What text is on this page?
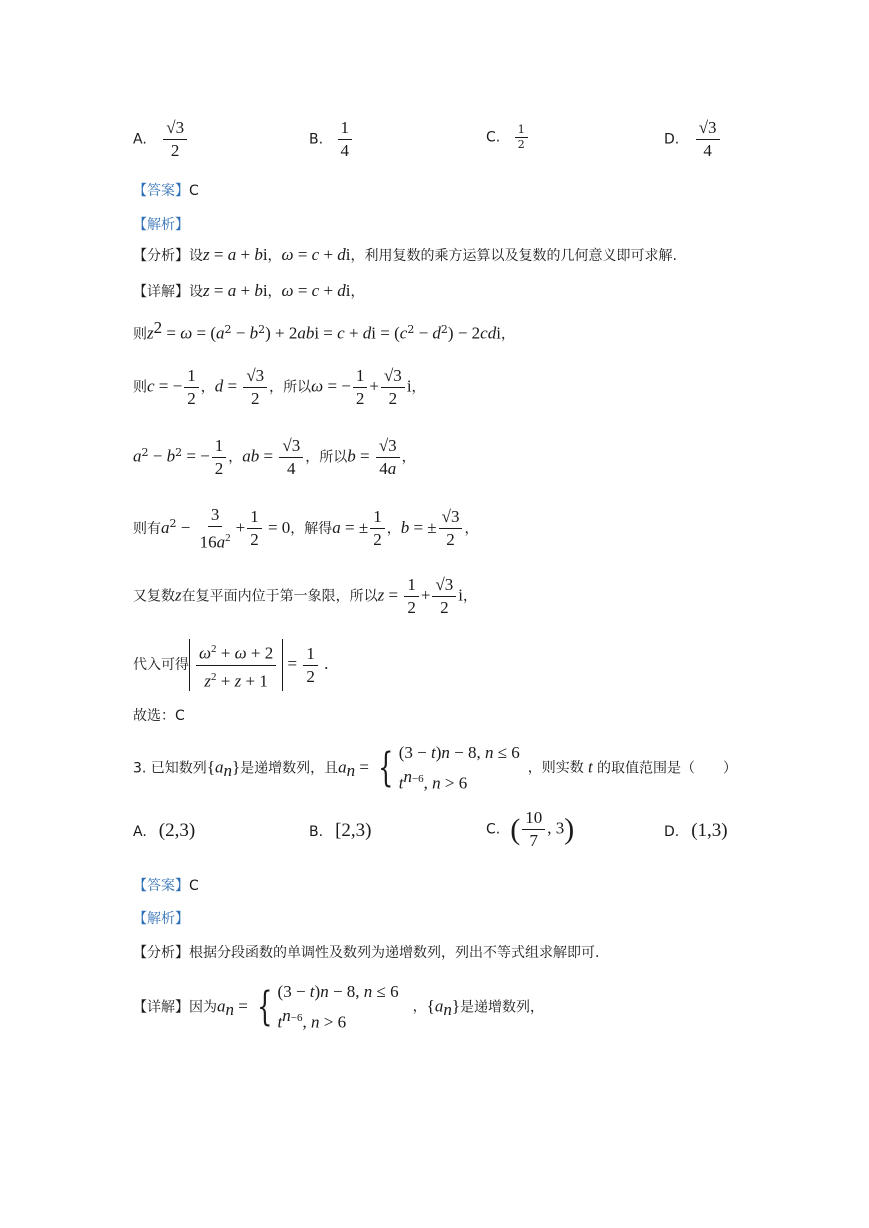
A. $\frac{√3}{2}$	B. $\frac{1}{4}$	C. $\frac{1}{2}$	D. $\frac{√3}{4}$
【答案】C
【解析】
【分析】设z = a + bi，ω = c + di，利用复数的乘方运算以及复数的几何意义即可求解.
【详解】设z = a + bi，ω = c + di，
则$z^2 = \omega = (a^2 - b^2) + 2abi = c$ + di = $(c^2 - d^2) - 2cdi$，
则c = − $\frac{1}{2}$ ，$d = \frac{√3}{2}$ ，所以ω = − $\frac{1}{2} + \frac{√3}{2}$ i，
$a^2 - b^2$ = − $\frac{1}{2}$ ，ab = $\frac{√3}{4}$ ，所以$b = \frac{√3}{4a}$ ，
则有$a^2 - \frac{3}{16a^2} + \frac{1}{2} = 0$，解得a = ± $\frac{1}{2}$ ，b = ± $\frac{√3}{2}$ ，
又复数z在复平面内位于第一象限，所以$z = \frac{1}{2} + \frac{√3}{2}$ i，
代入可得 $\frac{\omega^2 + \omega + 2}{z^2 + z + 1} = \frac{1}{2}$ .
故选：C
3. 已知数列$\{a_n\}$是递增数列，且$a_n$ = { (3 − t)n − 8, n ≤ 6
$t^{n-6}$, n > 6
，则实数 t 的取值范围是（　　）
A. (2,3)	B. [2,3)	C. ( $\frac{10}{7}$ , 3)	D. (1,3)
【答案】C
【解析】
【分析】根据分段函数的单调性及数列为递增数列，列出不等式组求解即可.
【详解】因为$a_n$ = { (3 − t)n − 8, n ≤ 6
$t^{n-6}$, n > 6
，$\{a_n\}$是递增数列，
